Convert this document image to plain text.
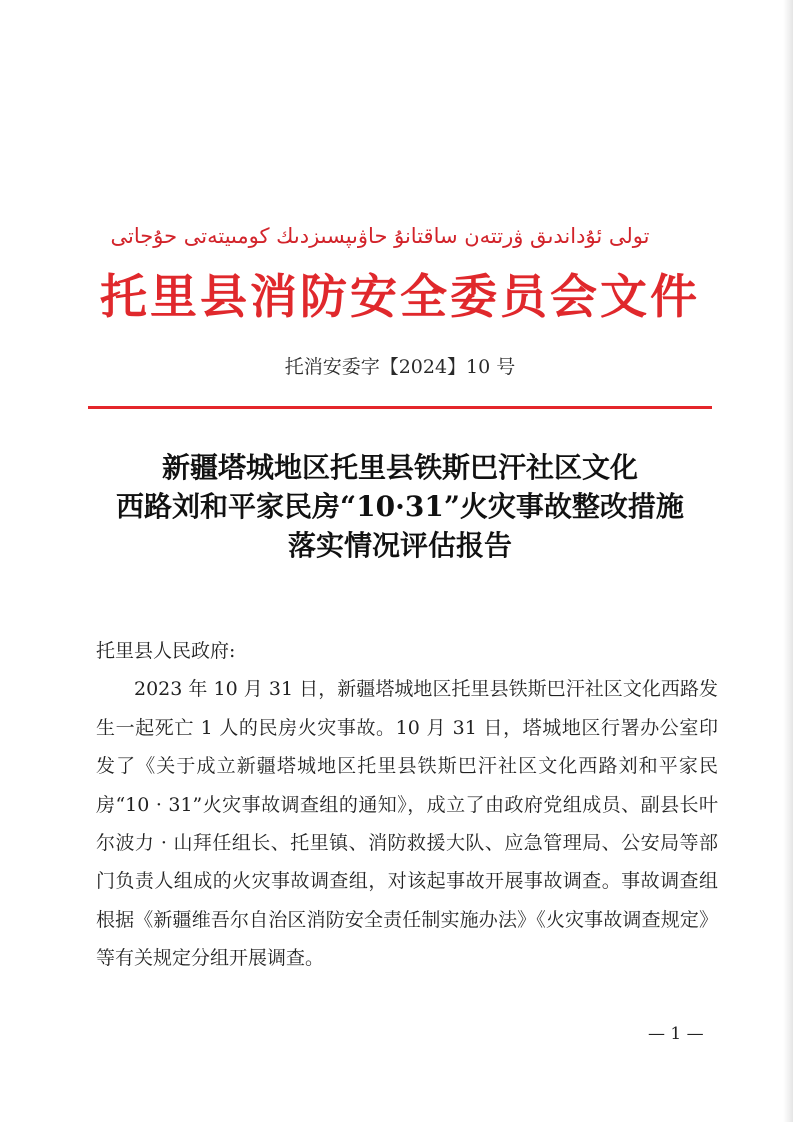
تولى ئۇداندىق ۋرتتەن ساقتانۇ حاۋىپسىزدىك كومىيتەتى حۇجاتى
托里县消防安全委员会文件
托消安委字【2024】10 号
新疆塔城地区托里县铁斯巴汗社区文化
西路刘和平家民房“10·31”火灾事故整改措施
落实情况评估报告
托里县人民政府:

2023 年 10 月 31 日，新疆塔城地区托里县铁斯巴汗社区文化西路发生一起死亡 1 人的民房火灾事故。10 月 31 日，塔城地区行署办公室印发了《关于成立新疆塔城地区托里县铁斯巴汗社区文化西路刘和平家民房“10 · 31”火灾事故调查组的通知》，成立了由政府党组成员、副县长叶尔波力 · 山拜任组长、托里镇、消防救援大队、应急管理局、公安局等部门负责人组成的火灾事故调查组，对该起事故开展事故调查。事故调查组根据《新疆维吾尔自治区消防安全责任制实施办法》《火灾事故调查规定》等有关规定分组开展调查。

— 1 —
